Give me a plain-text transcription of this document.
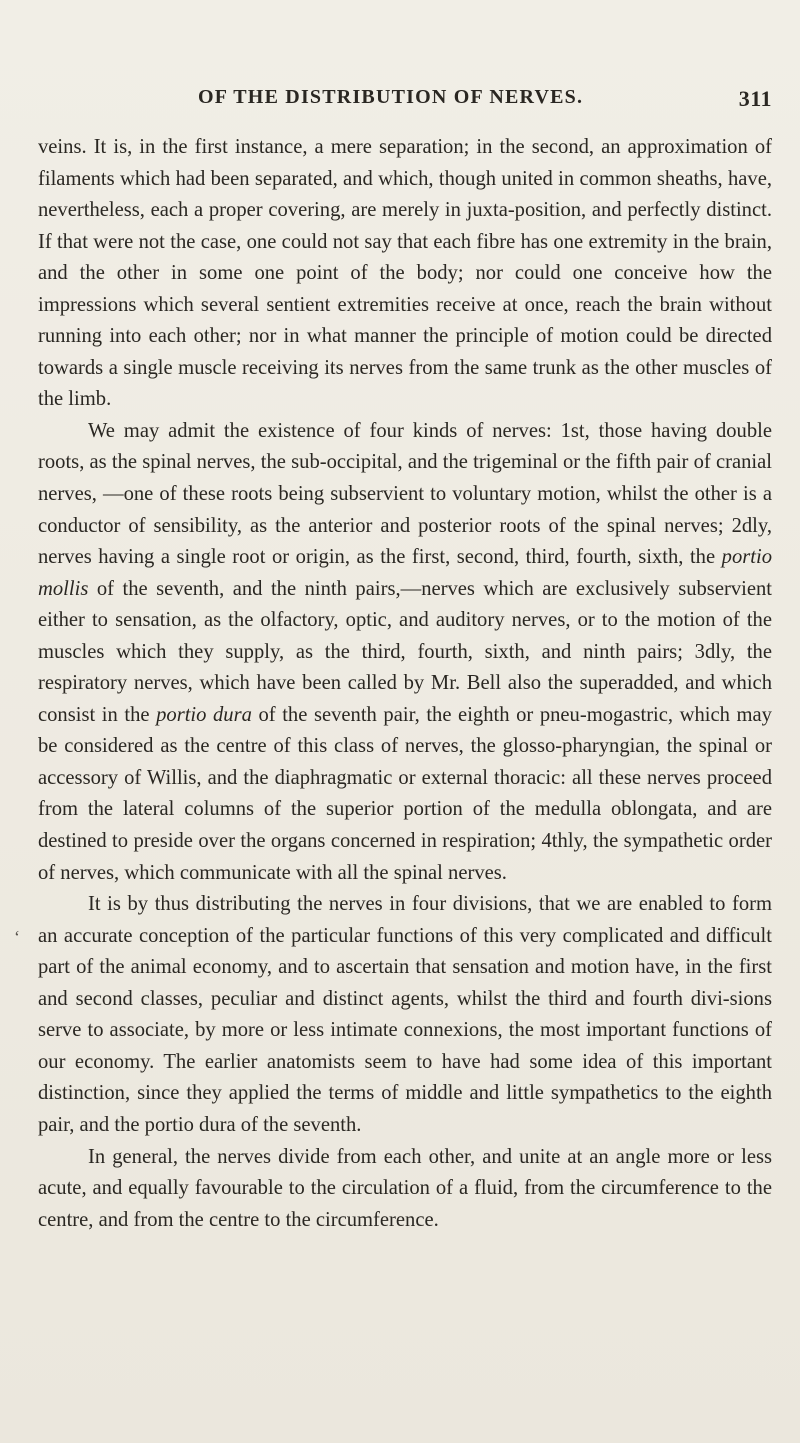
OF THE DISTRIBUTION OF NERVES.	311
‘

veins. It is, in the first instance, a mere separation; in the second, an approximation of filaments which had been separated, and which, though united in common sheaths, have, nevertheless, each a proper covering, are merely in juxta-position, and perfectly distinct. If that were not the case, one could not say that each fibre has one extremity in the brain, and the other in some one point of the body; nor could one conceive how the impressions which several sentient extremities receive at once, reach the brain without running into each other; nor in what manner the principle of motion could be directed towards a single muscle receiving its nerves from the same trunk as the other muscles of the limb.

We may admit the existence of four kinds of nerves: 1st, those having double roots, as the spinal nerves, the sub-occipital, and the trigeminal or the fifth pair of cranial nerves, —one of these roots being subservient to voluntary motion, whilst the other is a conductor of sensibility, as the anterior and posterior roots of the spinal nerves; 2dly, nerves having a single root or origin, as the first, second, third, fourth, sixth, the portio mollis of the seventh, and the ninth pairs,—nerves which are exclusively subservient either to sensation, as the olfactory, optic, and auditory nerves, or to the motion of the muscles which they supply, as the third, fourth, sixth, and ninth pairs; 3dly, the respiratory nerves, which have been called by Mr. Bell also the superadded, and which consist in the portio dura of the seventh pair, the eighth or pneu-mogastric, which may be considered as the centre of this class of nerves, the glosso-pharyngian, the spinal or accessory of Willis, and the diaphragmatic or external thoracic: all these nerves proceed from the lateral columns of the superior portion of the medulla oblongata, and are destined to preside over the organs concerned in respiration; 4thly, the sympathetic order of nerves, which communicate with all the spinal nerves.

It is by thus distributing the nerves in four divisions, that we are enabled to form an accurate conception of the particular functions of this very complicated and difficult part of the animal economy, and to ascertain that sensation and motion have, in the first and second classes, peculiar and distinct agents, whilst the third and fourth divi-sions serve to associate, by more or less intimate connexions, the most important functions of our economy. The earlier anatomists seem to have had some idea of this important distinction, since they applied the terms of middle and little sympathetics to the eighth pair, and the portio dura of the seventh.

In general, the nerves divide from each other, and unite at an angle more or less acute, and equally favourable to the circulation of a fluid, from the circumference to the centre, and from the centre to the circumference.
